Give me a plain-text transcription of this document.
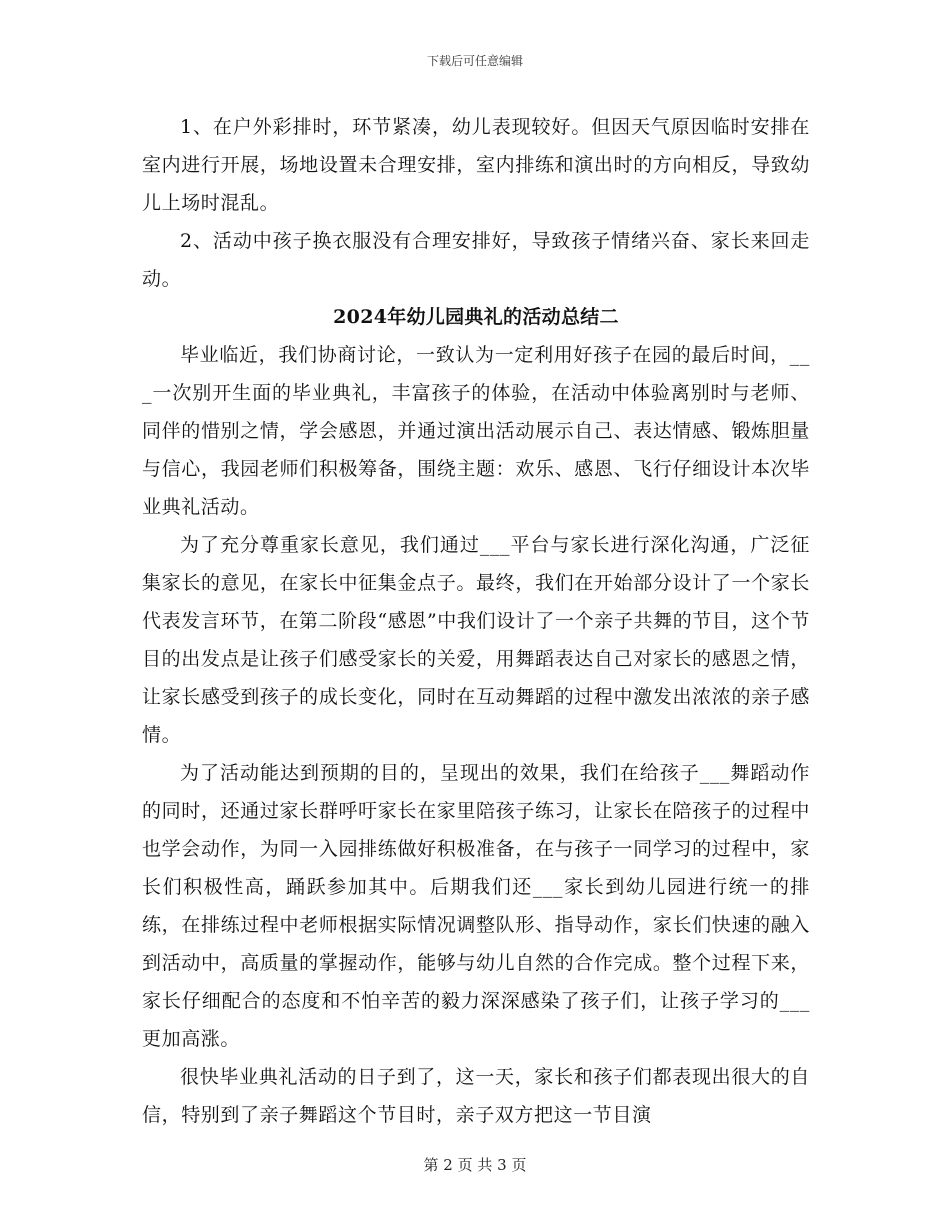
下载后可任意编辑

1、在户外彩排时，环节紧凑，幼儿表现较好。但因天气原因临时安排在室内进行开展，场地设置未合理安排，室内排练和演出时的方向相反，导致幼儿上场时混乱。

2、活动中孩子换衣服没有合理安排好，导致孩子情绪兴奋、家长来回走动。

2024年幼儿园典礼的活动总结二

毕业临近，我们协商讨论，一致认为一定利用好孩子在园的最后时间，___一次别开生面的毕业典礼，丰富孩子的体验，在活动中体验离别时与老师、同伴的惜别之情，学会感恩，并通过演出活动展示自己、表达情感、锻炼胆量与信心，我园老师们积极筹备，围绕主题：欢乐、感恩、飞行仔细设计本次毕业典礼活动。

为了充分尊重家长意见，我们通过___平台与家长进行深化沟通，广泛征集家长的意见，在家长中征集金点子。最终，我们在开始部分设计了一个家长代表发言环节，在第二阶段“感恩”中我们设计了一个亲子共舞的节目，这个节目的出发点是让孩子们感受家长的关爱，用舞蹈表达自己对家长的感恩之情，让家长感受到孩子的成长变化，同时在互动舞蹈的过程中激发出浓浓的亲子感情。

为了活动能达到预期的目的，呈现出的效果，我们在给孩子___舞蹈动作的同时，还通过家长群呼吁家长在家里陪孩子练习，让家长在陪孩子的过程中也学会动作，为同一入园排练做好积极准备，在与孩子一同学习的过程中，家长们积极性高，踊跃参加其中。后期我们还___家长到幼儿园进行统一的排练，在排练过程中老师根据实际情况调整队形、指导动作，家长们快速的融入到活动中，高质量的掌握动作，能够与幼儿自然的合作完成。整个过程下来，家长仔细配合的态度和不怕辛苦的毅力深深感染了孩子们，让孩子学习的___更加高涨。

很快毕业典礼活动的日子到了，这一天，家长和孩子们都表现出很大的自信，特别到了亲子舞蹈这个节目时，亲子双方把这一节目演

第 2 页 共 3 页
